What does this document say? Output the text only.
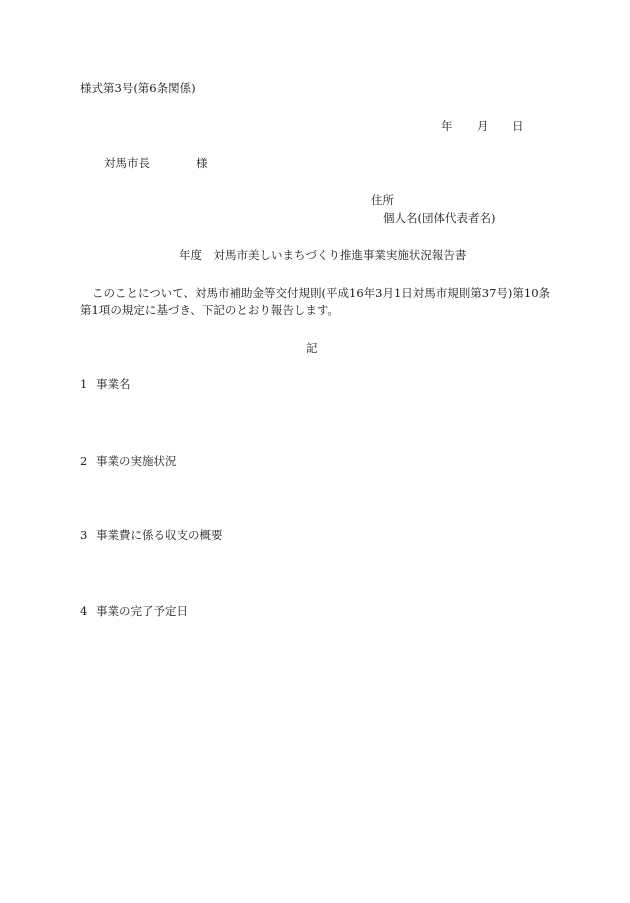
様式第3号(第6条関係)
年 月 日
対馬市長	様
住所
個人名(団体代表者名)
年度　対馬市美しいまちづくり推進事業実施状況報告書
このことについて、対馬市補助金等交付規則(平成16年3月1日対馬市規則第37号)第10条
第1項の規定に基づき、下記のとおり報告します。
記
1 事業名
2 事業の実施状況
3 事業費に係る収支の概要
4 事業の完了予定日
